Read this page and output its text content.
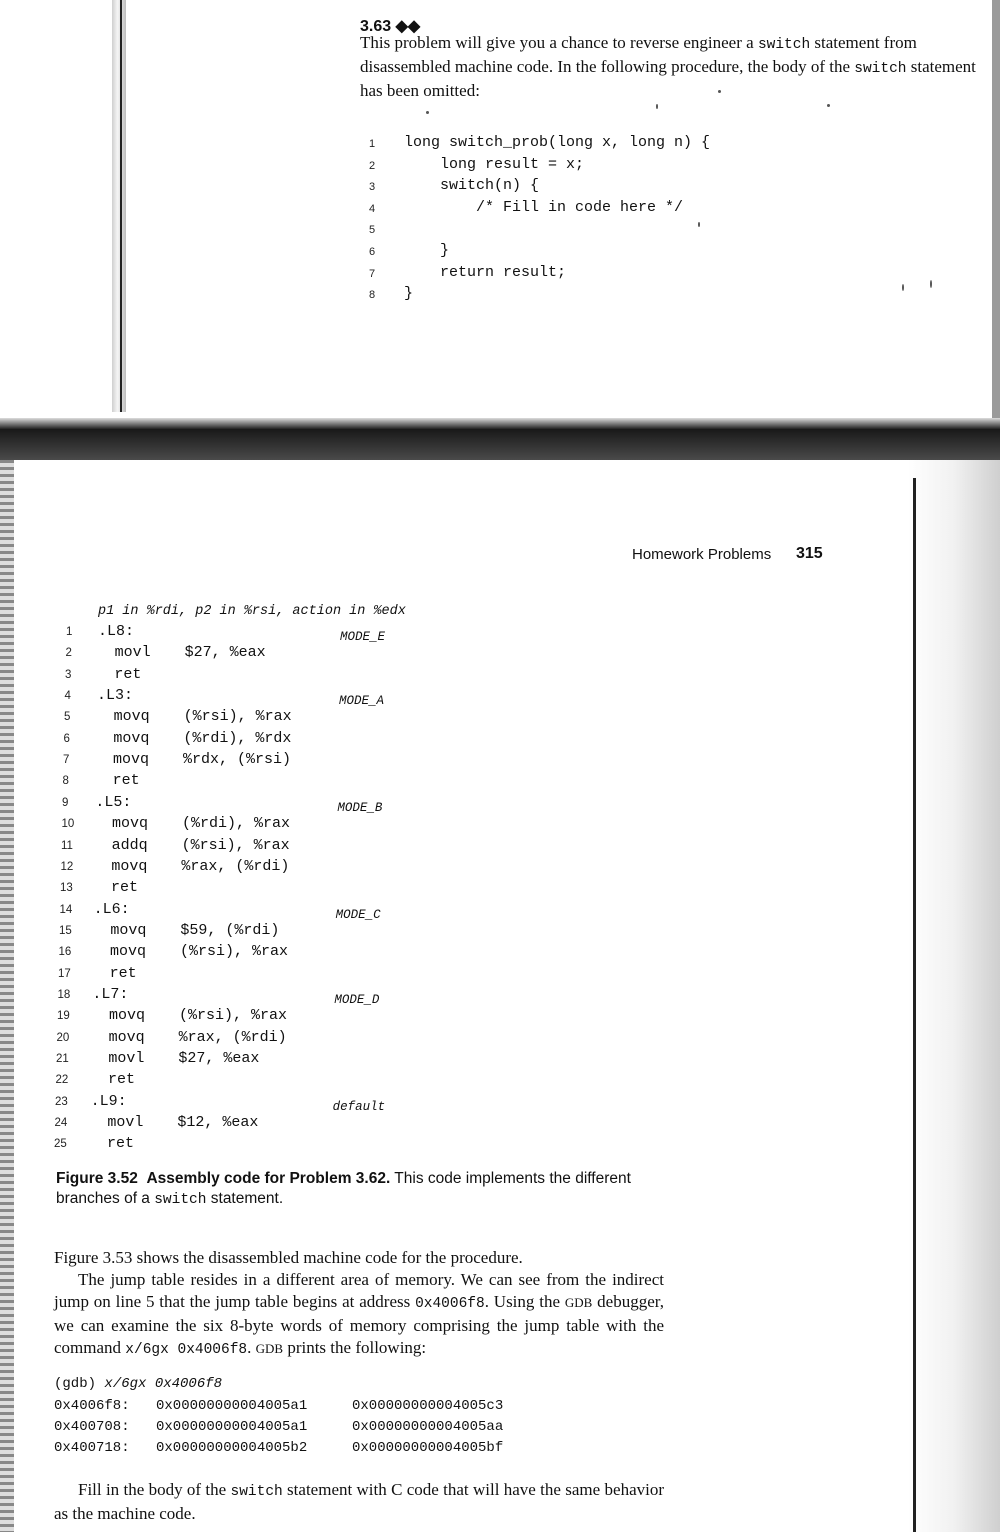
3.63 ◆◆
This problem will give you a chance to reverse engineer a switch statement from disassembled machine code. In the following procedure, the body of the switch statement has been omitted:
1	long switch_prob(long x, long n) {
2	long result = x;
3	switch(n) {
4	/* Fill in code here */
5
6	}
7	return result;
8	}
Homework Problems 315
p1 in %rdi, p2 in %rsi, action in %edx
1	.L8:	MODE_E
2	movl $27, %eax
3	ret
4	.L3:	MODE_A
5	movq (%rsi), %rax
6	movq (%rdi), %rdx
7	movq %rdx, (%rsi)
8	ret
9	.L5:	MODE_B
10	movq (%rdi), %rax
11	addq (%rsi), %rax
12	movq %rax, (%rdi)
13	ret
14	.L6:	MODE_C
15	movq $59, (%rdi)
16	movq (%rsi), %rax
17	ret
18	.L7:	MODE_D
19	movq (%rsi), %rax
20	movq %rax, (%rdi)
21	movl $27, %eax
22	ret
23	.L9:	default
24	movl $12, %eax
25	ret
Figure 3.52 Assembly code for Problem 3.62. This code implements the different branches of a switch statement.
Figure 3.53 shows the disassembled machine code for the procedure.
The jump table resides in a different area of memory. We can see from the indirect jump on line 5 that the jump table begins at address 0x4006f8. Using the GDB debugger, we can examine the six 8-byte words of memory comprising the jump table with the command x/6gx 0x4006f8. GDB prints the following:
(gdb) x/6gx 0x4006f8
0x4006f8: 0x00000000004005a1	0x00000000004005c3
0x400708: 0x00000000004005a1	0x00000000004005aa
0x400718: 0x00000000004005b2	0x00000000004005bf
Fill in the body of the switch statement with C code that will have the same behavior as the machine code.
